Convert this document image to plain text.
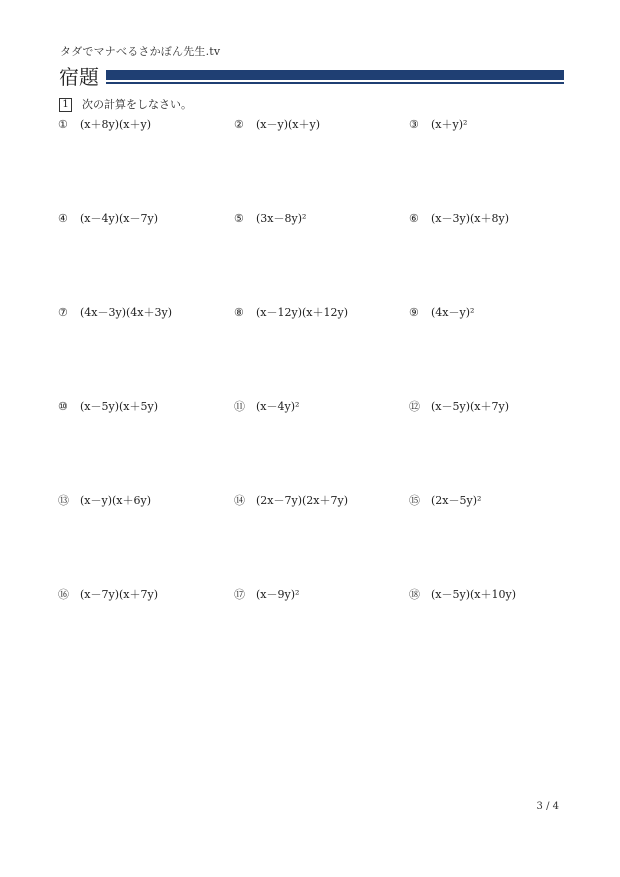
タダでマナべるさかぼん先生.tv
宿題
1	次の計算をしなさい。
① (x＋8y)(x＋y)	② (x－y)(x＋y)	③ (x＋y)²
④ (x－4y)(x－7y)	⑤ (3x－8y)²	⑥ (x－3y)(x＋8y)
⑦ (4x－3y)(4x＋3y)	⑧ (x－12y)(x＋12y)	⑨ (4x－y)²
⑩ (x－5y)(x＋5y)	⑪ (x－4y)²	⑫ (x－5y)(x＋7y)
⑬ (x－y)(x＋6y)	⑭ (2x－7y)(2x＋7y)	⑮ (2x－5y)²
⑯ (x－7y)(x＋7y)	⑰ (x－9y)²	⑱ (x－5y)(x＋10y)
3 / 4
